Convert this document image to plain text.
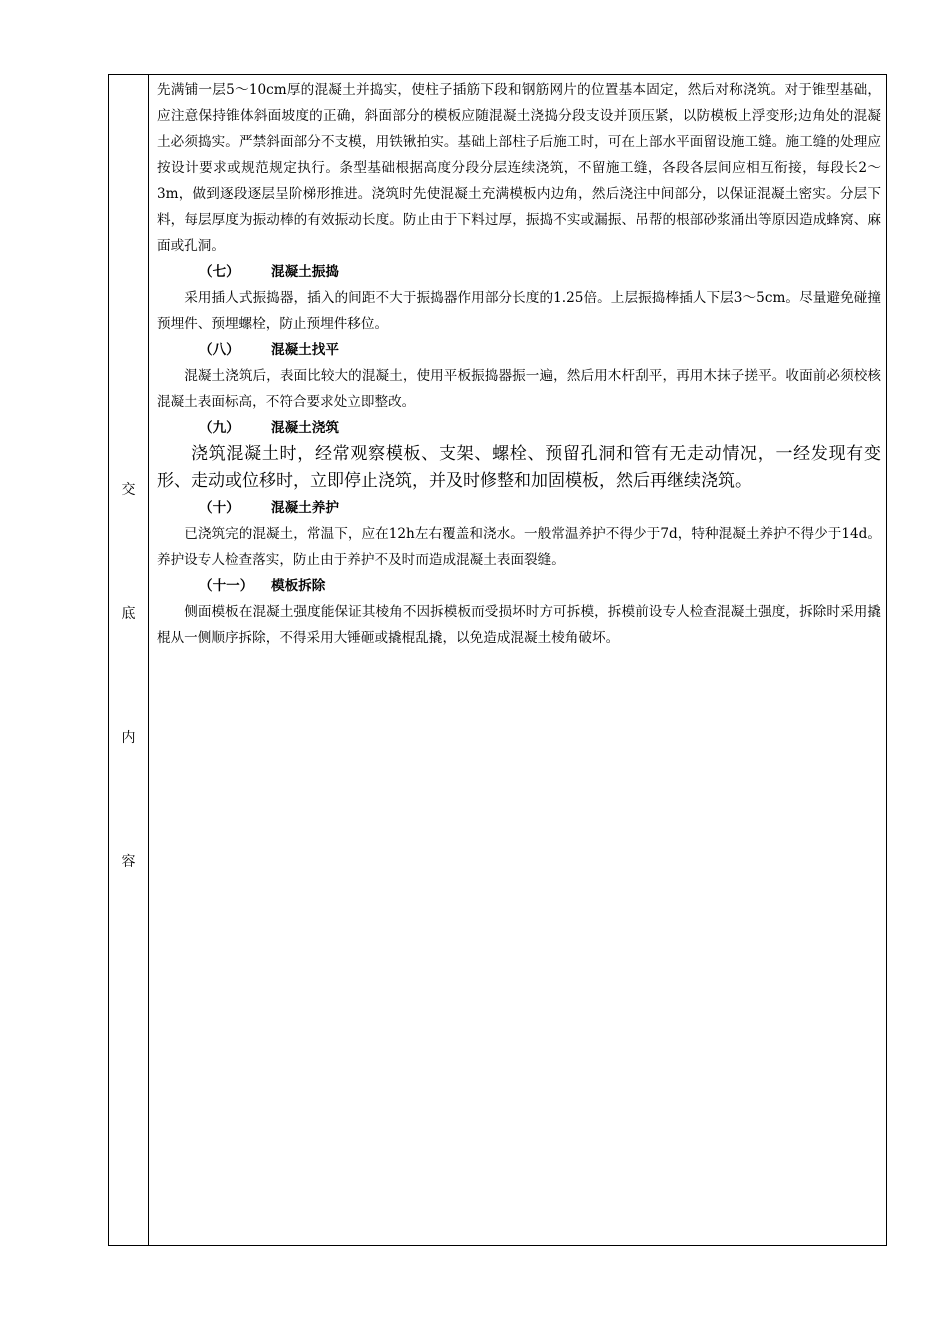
交
底
内
容

先满铺一层5～10cm厚的混凝土并捣实，使柱子插筋下段和钢筋网片的位置基本固定，然后对称浇筑。对于锥型基础，应注意保持锥体斜面坡度的正确，斜面部分的模板应随混凝土浇捣分段支设并顶压紧，以防模板上浮变形;边角处的混凝土必须捣实。严禁斜面部分不支模，用铁锹拍实。基础上部柱子后施工时，可在上部水平面留设施工缝。施工缝的处理应按设计要求或规范规定执行。条型基础根据高度分段分层连续浇筑，不留施工缝，各段各层间应相互衔接，每段长2～3m，做到逐段逐层呈阶梯形推进。浇筑时先使混凝土充满模板内边角，然后浇注中间部分，以保证混凝土密实。分层下料，每层厚度为振动棒的有效振动长度。防止由于下料过厚，振捣不实或漏振、吊帮的根部砂浆涌出等原因造成蜂窝、麻面或孔洞。

（七） 混凝土振捣

采用插人式振捣器，插入的间距不大于振捣器作用部分长度的1.25倍。上层振捣棒插人下层3～5cm。尽量避免碰撞预埋件、预埋螺栓，防止预埋件移位。

（八） 混凝土找平

混凝土浇筑后，表面比较大的混凝土，使用平板振捣器振一遍，然后用木杆刮平，再用木抹子搓平。收面前必须校核混凝土表面标高，不符合要求处立即整改。

（九） 混凝土浇筑

浇筑混凝土时，经常观察模板、支架、螺栓、预留孔洞和管有无走动情况，一经发现有变形、走动或位移时，立即停止浇筑，并及时修整和加固模板，然后再继续浇筑。

（十） 混凝土养护

已浇筑完的混凝土，常温下，应在12h左右覆盖和浇水。一般常温养护不得少于7d，特种混凝土养护不得少于14d。养护设专人检查落实，防止由于养护不及时而造成混凝土表面裂缝。

（十一） 模板拆除

侧面模板在混凝土强度能保证其棱角不因拆模板而受损坏时方可拆模，拆模前设专人检查混凝土强度，拆除时采用撬棍从一侧顺序拆除，不得采用大锤砸或撬棍乱撬，以免造成混凝土棱角破坏。
